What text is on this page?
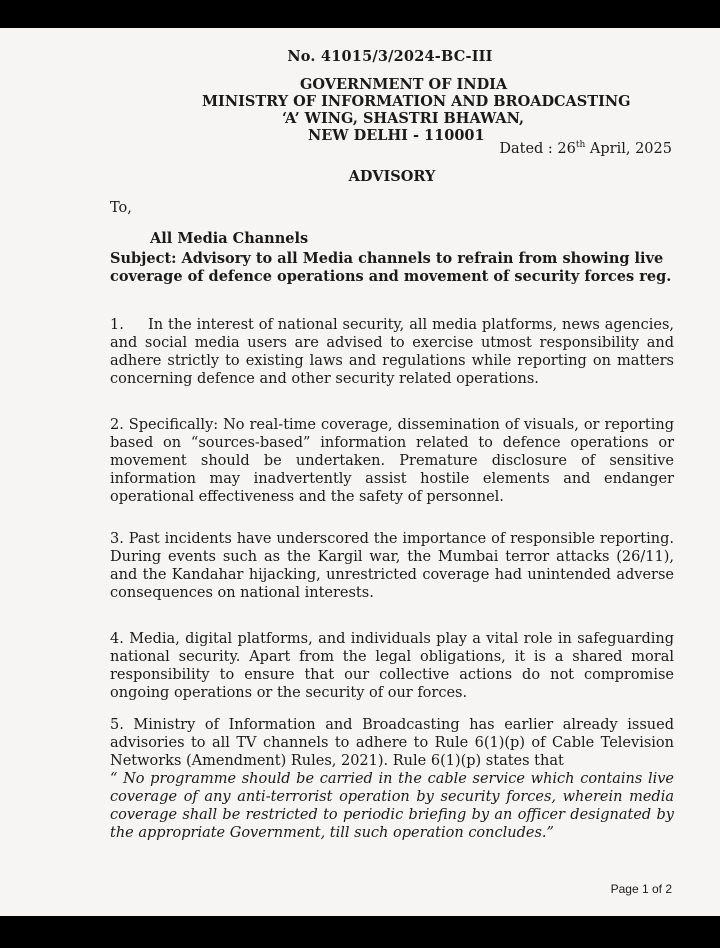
No. 41015/3/2024-BC-III
GOVERNMENT OF INDIA
MINISTRY OF INFORMATION AND BROADCASTING
‘A’ WING, SHASTRI BHAWAN,
NEW DELHI - 110001
Dated : 26th April, 2025
ADVISORY
To,
All Media Channels
Subject: Advisory to all Media channels to refrain from showing live coverage of defence operations and movement of security forces reg.
1. In the interest of national security, all media platforms, news agencies, and social media users are advised to exercise utmost responsibility and adhere strictly to existing laws and regulations while reporting on matters concerning defence and other security related operations.
2. Specifically: No real-time coverage, dissemination of visuals, or reporting based on “sources-based” information related to defence operations or movement should be undertaken. Premature disclosure of sensitive information may inadvertently assist hostile elements and endanger operational effectiveness and the safety of personnel.
3. Past incidents have underscored the importance of responsible reporting. During events such as the Kargil war, the Mumbai terror attacks (26/11), and the Kandahar hijacking, unrestricted coverage had unintended adverse consequences on national interests.
4. Media, digital platforms, and individuals play a vital role in safeguarding national security. Apart from the legal obligations, it is a shared moral responsibility to ensure that our collective actions do not compromise ongoing operations or the security of our forces.
5. Ministry of Information and Broadcasting has earlier already issued advisories to all TV channels to adhere to Rule 6(1)(p) of Cable Television Networks (Amendment) Rules, 2021). Rule 6(1)(p) states that
“ No programme should be carried in the cable service which contains live coverage of any anti-terrorist operation by security forces, wherein media coverage shall be restricted to periodic briefing by an officer designated by the appropriate Government, till such operation concludes.”
Page 1 of 2
